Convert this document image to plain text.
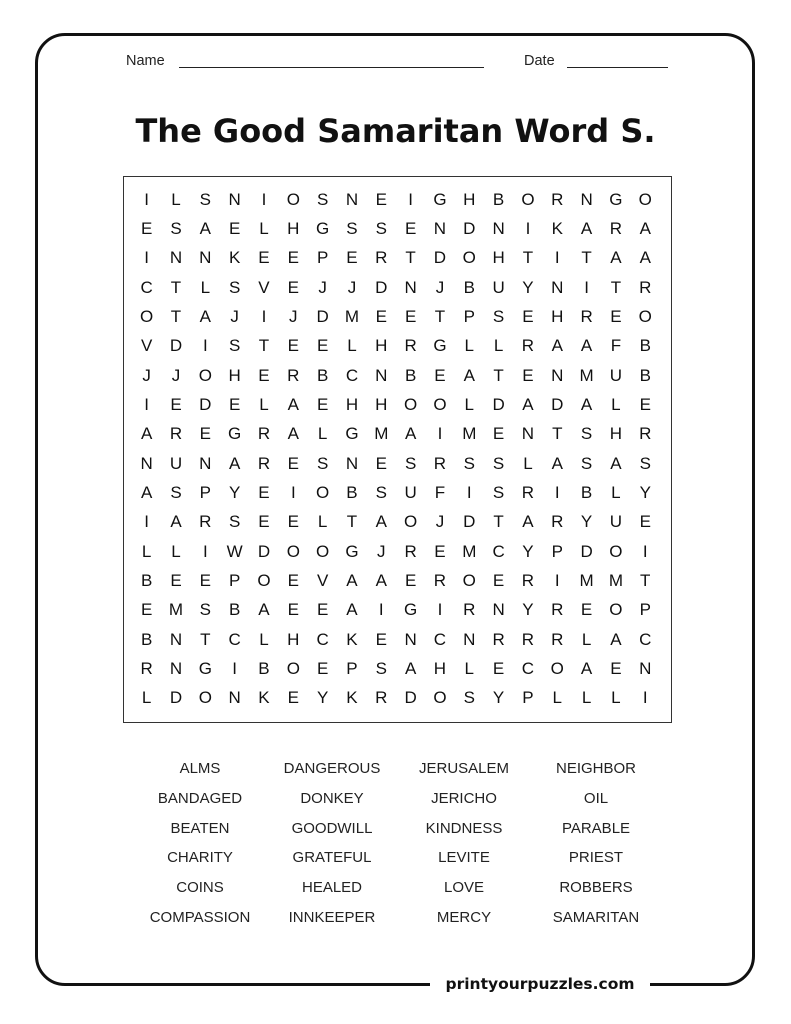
printyourpuzzles.com
Name	Date
The Good Samaritan Word S.
I	L	S	N	I	O	S	N	E	I	G H	B	O R	N G O
E	S	A	E	L	H G	S	S	E	N	D	N	I	K	A	R	A
I	N	N	K	E	E	P	E	R	T	D O H	T	I	T	A	A
C	T	L	S	V	E	J	J	D	N	J	B	U	Y	N	I	T	R
O	T	A	J	I	J	D M E	E	T	P	S	E	H	R	E	O
V	D	I	S	T	E	E	L	H	R G	L	L	R	A	A	F	B
J	J	O H	E	R	B	C	N	B	E	A	T	E	N M U	B
I	E	D	E	L	A	E	H	H O O	L	D	A	D	A	L	E
A	R	E	G R	A	L	G M A	I	M E	N	T	S	H	R
N	U	N	A	R	E	S	N	E	S	R	S	S	L	A	S	A	S
A	S	P	Y	E	I	O	B	S	U	F	I	S	R	I	B	L	Y
I	A	R	S	E	E	L	T	A	O	J	D	T	A	R	Y	U	E
L	L	I	W D O O G	J	R	E M C	Y	P	D O	I
B	E	E	P	O	E	V	A	A	E	R O	E	R	I	M M	T
E M S	B	A	E	E	A	I	G	I	R	N	Y	R	E	O	P
B	N	T	C	L	H	C	K	E	N	C	N	R	R	R	L	A	C
R	N G	I	B	O	E	P	S	A	H	L	E	C O	A	E	N
L	D O N	K	E	Y	K	R	D O	S	Y	P	L	L	L	I
ALMS	DANGEROUS	JERUSALEM	NEIGHBOR
BANDAGED	DONKEY	JERICHO	OIL
BEATEN	GOODWILL	KINDNESS	PARABLE
CHARITY	GRATEFUL	LEVITE	PRIEST
COINS	HEALED	LOVE	ROBBERS
COMPASSION	INNKEEPER	MERCY	SAMARITAN
